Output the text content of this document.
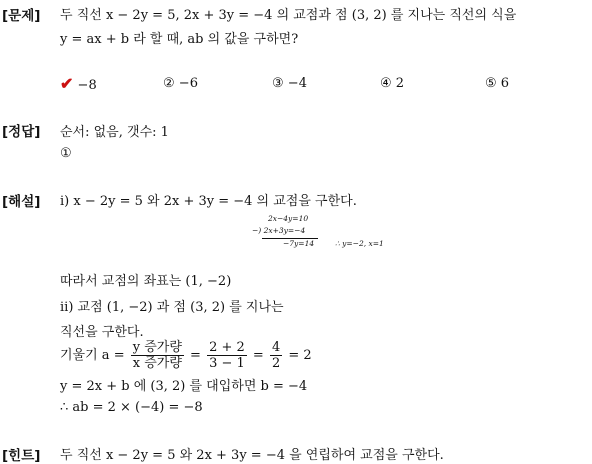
[문제] 두 직선 x − 2y = 5, 2x + 3y = −4 의 교점과 점 (3, 2) 를 지나는 직선의 식을
y = ax + b 라 할 때, ab 의 값을 구하면?
✔ −8	② −6	③ −4	④ 2	⑤ 6
[정답] 순서: 없음, 갯수: 1
①
[해설] ⅰ) x − 2y = 5 와 2x + 3y = −4 의 교점을 구한다.
2x−4y=10
−) 2x+3y=−4
−7y=14	∴ y=−2, x=1
따라서 교점의 좌표는 (1, −2)
ⅱ) 교점 (1, −2) 과 점 (3, 2) 를 지나는
직선을 구한다.
기울기 $a = \frac{\text{y 증가량}}{\text{x 증가량}} = \frac{2 + 2}{3 - 1} = \frac{4}{2} = 2$
y = 2x + b 에 (3, 2) 를 대입하면 b = −4
∴ ab = 2 × (−4) = −8
[힌트] 두 직선 x − 2y = 5 와 2x + 3y = −4 을 연립하여 교점을 구한다.
